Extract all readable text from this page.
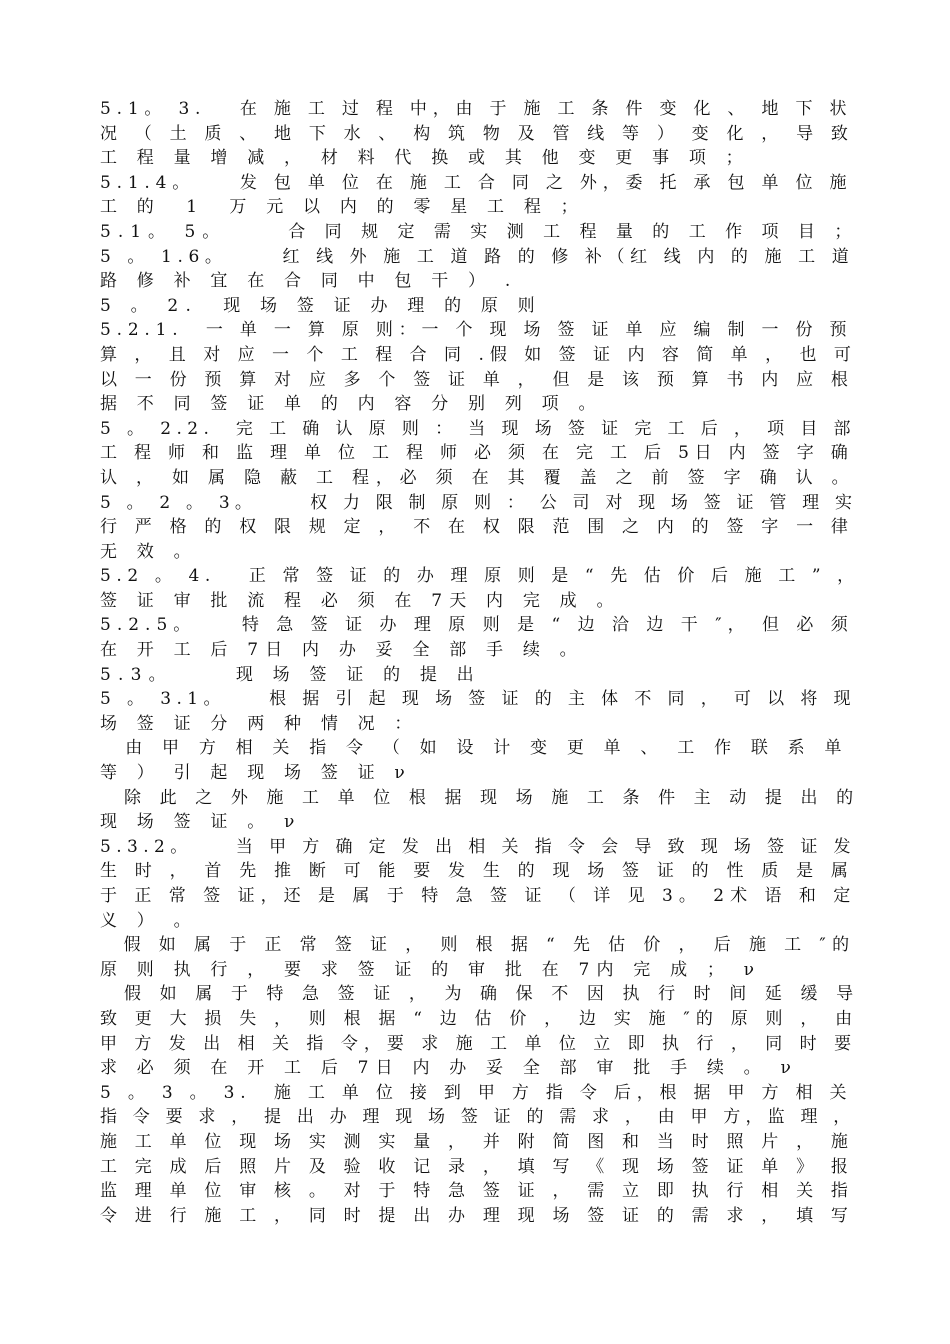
5.1。 3.   在 施 工 过 程 中，由 于 施 工 条 件 变 化 、 地 下 状
况 （ 土 质 、 地 下 水 、 构 筑 物 及 管 线 等 ） 变 化 ， 导 致
工 程 量 增 减 ， 材 料 代 换 或 其 他 变 更 事 项 ；
5.1.4。    发 包 单 位 在 施 工 合 同 之 外，委 托 承 包 单 位 施
工 的  1  万 元 以 内 的 零 星 工 程 ；
5.1。 5。     合 同 规 定 需 实 测 工 程 量 的 工 作 项 目 ；
5 。 1.6。     红 线 外 施 工 道 路 的 修 补（红 线 内 的 施 工 道
路 修 补 宜 在 合 同 中 包 干 ） .
5 。 2.  现 场 签 证 办 理 的 原 则
5.2.1.  一 单 一 算 原 则：一 个 现 场 签 证 单 应 编 制 一 份 预
算 ， 且 对 应 一 个 工 程 合 同 .假 如 签 证 内 容 简 单 ， 也 可
以 一 份 预 算 对 应 多 个 签 证 单 ， 但 是 该 预 算 书 内 应 根
据 不 同 签 证 单 的 内 容 分 别 列 项 。
5 。 2.2.  完 工 确 认 原 则 ： 当 现 场 签 证 完 工 后 ， 项 目 部
工 程 师 和 监 理 单 位 工 程 师 必 须 在 完 工 后 5日 内 签 字 确
认 ， 如 属 隐 蔽 工 程，必 须 在 其 覆 盖 之 前 签 字 确 认 。
5 。 2 。 3。     权 力 限 制 原 则 ： 公 司 对 现 场 签 证 管 理 实
行 严 格 的 权 限 规 定 ， 不 在 权 限 范 围 之 内 的 签 字 一 律
无 效 。
5.2 。 4.   正 常 签 证 的 办 理 原 则 是 “ 先 估 价 后 施 工 ” ，
签 证 审 批 流 程 必 须 在 7天 内 完 成 。
5.2.5。    特 急 签 证 办 理 原 则 是 “ 边 洽 边 干 ″， 但 必 须
在 开 工 后 7日 内 办 妥 全 部 手 续 。
5.3。     现 场 签 证 的 提 出
5 。 3.1。    根 据 引 起 现 场 签 证 的 主 体 不 同 ， 可 以 将 现
场 签 证 分 两 种 情 况 ：
由 甲 方 相 关 指 令 （ 如 设 计 变 更 单 、 工 作 联 系 单
等 ） 引 起 现 场 签 证 ν
除 此 之 外 施 工 单 位 根 据 现 场 施 工 条 件 主 动 提 出 的
现 场 签 证 。 ν
5.3.2。    当 甲 方 确 定 发 出 相 关 指 令 会 导 致 现 场 签 证 发
生 时 ， 首 先 推 断 可 能 要 发 生 的 现 场 签 证 的 性 质 是 属
于 正 常 签 证，还 是 属 于 特 急 签 证 （ 详 见 3。 2术 语 和 定
义 ） 。
假 如 属 于 正 常 签 证 ， 则 根 据 “ 先 估 价 ， 后 施 工 ″的
原 则 执 行 ， 要 求 签 证 的 审 批 在 7内 完 成 ； ν
假 如 属 于 特 急 签 证 ， 为 确 保 不 因 执 行 时 间 延 缓 导
致 更 大 损 失 ， 则 根 据 “ 边 估 价 ， 边 实 施 ″的 原 则 ， 由
甲 方 发 出 相 关 指 令，要 求 施 工 单 位 立 即 执 行 ， 同 时 要
求 必 须 在 开 工 后 7日 内 办 妥 全 部 审 批 手 续 。 ν
5 。 3 。 3.  施 工 单 位 接 到 甲 方 指 令 后，根 据 甲 方 相 关
指 令 要 求 ， 提 出 办 理 现 场 签 证 的 需 求 ， 由 甲 方，监 理 ，
施 工 单 位 现 场 实 测 实 量 ， 并 附 简 图 和 当 时 照 片 ， 施
工 完 成 后 照 片 及 验 收 记 录 ， 填 写 《 现 场 签 证 单 》 报
监 理 单 位 审 核 。 对 于 特 急 签 证 ， 需 立 即 执 行 相 关 指
令 进 行 施 工 ， 同 时 提 出 办 理 现 场 签 证 的 需 求 ， 填 写
